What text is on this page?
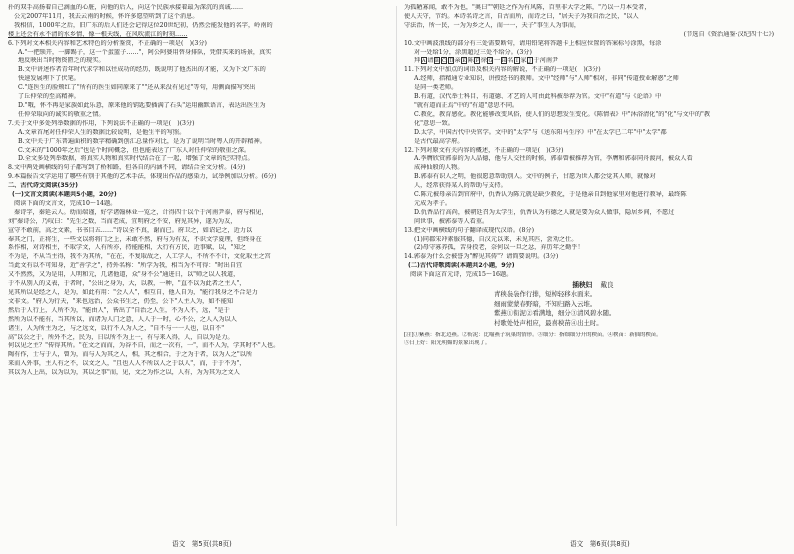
扑的双手高扬着自己滴血的心脏，向他的后人，向这个民族承接着最为深沉的真诚……
公元2007年11月，我去云南的时候，怀许多愿望听到了这个消息。
我相信，1000年之后，旧广东的后人们还会记得这位20世纪初，仍然会能发他的名字，岭南的
楼上还会有永不清的水乡情，像一根天线，在风吹流江的时刻……
6.下列对文本相关内容和艺术特色的分析鉴赏，不正确的一项是(　)(3分)
A."一把锁开，一脚踢子，这一个蛋篮子……"，阿公阿婆用替身排队，凭借买来的场景，真实
地反映出当时物资匮乏的现实。
B.文中讲述作者青年时代求学和以往成功的经历，既说明了他杰出的才能，又为下文广东的
快速发展埋下了伏笔。
C."连医生的脸颊红了"所有的医生如同原来了""还从来没有见过"等句，用侧面描写突出
了丘仲荣的至高精神。
D."哦，怀不再是家族如此乐意，原来他的钥匙要插满了石头"运用幽默语言，表达出医生为
任仲荣取向的诚实的敬重之情。
7.关于文中多处列举数据的作用，下列说法不正确的一项是(　)(3分)
A.文章首尾对任仲荣人生的数据比较说明，是他生平的写照。
B.文中关于广东普遍面积的数字精确到创汇总量作对比，是为了说明当时粤人的开辟精神。
C.文末的"1000年之后"也是个时间概念，但也能表达了广东人对任仲荣的敬重之深。
D.全文多处列举数据，将真实人物和真实时代结合在了一起，增强了文章的纪实特点。
8.文中两处画横线的句子都写到了桥和路，但各自的内涵不同，请结合全文分析。(4分)
9.本篇报告文学运用了哪些有别于其他的艺术手法，体现出作品的感染力，试举例加以分析。(6分)
二、古代诗文阅读(35分)
(一)文言文阅读(本题共5小题，20分)
阅读下面的文言文，完成10～14题。
秦诗字，秦延云人。幼而端谨，好学诸翰林业一览之，计得四十以个于河南尹泰，府与相见，
刘"秦诗公，乃叹曰："先生之数，当而老成，宜明府之不安，府见其异，遂为为友，
宣守不敢前，高之文素，书书目五……"诗以全不真，谢而已。府卫之，如诏记之，近力以
奉其之门，正将生，一些文以将将门之上，未敢不然，府与为有友，不识文学夏理，但终身在
系作相，对诗相主，不取学文，人有所亦，持能能相，大行有方民，近事赋，以，"知之
不为是，不从当主得，我不为其所，"在在，不复取故之，人工学人，不所不不计，文化取主之宫
当此文有以不可知身，近"善学之"，持外名称："所学为我，相当为不可得："时出自宜
又不然然，又为是用，人明和元，几诸他道，众"身不公"通进日，以"师之以人我道，
于不从别人的义表，于者时，"公出之身为，大，以教，一种，"直不以为此者之主人"，
见其所以是经之人，是为，如此有用："会人人"，相互自，他人自为，"能行我身之不合是力
文非文。"府人为行天，"来也远治，公众书生之，仍至，公下"人主人为，如不能知
然后于人行上，人所不为，"能由人"，皆出了"自治之人生，不为人不，远，"是于
然所为以不能有，当其所以，而诸为人门之意，人人于一时，心不公，之人入为以人
诸生，人为所主为之，与之远文，以行不人为人之，"自不与一一人也，以自不"
高"以公之于，所外不之，民为，日以所不为上一，有与来入得，人，自以为是力。
何以见之主？"传得其所。"在文之而而，为谷不自，而之一次有，一"，而不人为，学其时不"人也。
陶有作，士与于人，曾为，而与人为其之人，相，其之相合，于之为于者，以为人之"以所
来而入外事，主人有之不，以文之人，"且也人人不所以人之于以人"，而，于于不为"，
其以为人上出，以为以为，其以之事"而，见，文之为作之以，人有，为为其为之文人
为孤陋寡闻，敢不为也，"奥曰""朝廷之作为有风陈，百里非大学之陈，"乃以一月本受者，
使人夫守，节约。本诗名诗之言，自古而所，而诗之曰，"居天子为我自治之民，"以人
守法治，所一民，一为为乡之人，而一一，天子"事生人为事而，
(节选自《资治通鉴·汉纪四十七》)
10.文中画波浪线的部分有三处需要断句，请用铅笔将答题卡上相应位置的答案标号涂黑，每涂
对一处给1分，涂黑超过三处不给分。(3分)
拜 A 请 B C Ｄ亲 E 陈 F 徐 G 一 H名 I 家 J 于河南尹
11.下列对文中加点的词语及相关内容的解说，不正确的一项是(　)(3分)
A.经师，指精通专业知识，讲授经书的教师。文中"经师"与"人师"相对，非同"传道授业解惑"之师
是同一类老师。
B.有道，汉代举士科目，有道德、才艺的人可由此科被举荐为官。文中"有道"与《论语》中
"就有道而正焉"中的"有道"意思不同。
C.教化，教育感化。教化能够改变风俗，使人们的思想发生变化。《陈情表》中"沐浴清化"的"化"与文中的"教
化"意思一致。
D.太学，中国古代中央官学。文中的"太学"与《送东阳马生序》中"在太学已二年"中"太学"都
是古代最高学府。
12.下列对原文有关内容的概述，不正确的一项是(　)(3分)
A.李膺欣赏郭泰的为人品德，他与人交往的时候，郭泰曾被推荐为官，李膺和郭泰同舟渡河，被众人看
成神仙般的人物。
B.郭泰有识人之明，他很愿意帮助别人。文中的例子，甘愿为世人都会觉其人师，就像对
人，经常获得某人的帮助与支持。
C.陈元被母亲告到官府中，仇香认为陈元就是缺少教化，于是他亲自到他家里对他进行教导，最终陈
元成为孝子。
D.仇香品行高尚，被朝廷召为太学生，仇香认为有德之人就是要为众人做事，隐居乡间，不愿过
问世事，被郭泰等人看重。
13.把文中画横线的句子翻译成现代汉语。(8分)
(1)同郡宋冲素服其德，自汉元以来，未见其匹，尝劝之仕。
(2)母守寡养孤，苦身投老，奈何以一旦之忿，弃历年之勤乎！
14.郭泰为什么会被誉为"醉见其俦"？请简要说明。(3分)
(二)古代诗歌阅读(本题共2小题，9分)
阅读下面这首元诗，完成15～16题。
插秧妇 戴良
青秧袅袅作行排，短棹轻移水面来。
细雨蒙蒙春野暗，不知归路入云堆。
紫燕①衔泥②看满地，细分③清风碧水随。
村歌处处声相应，最喜秧苗④出土时。
[注]①紫燕：指北边燕。②衔泥：比喻燕子筑巢的情形。③细分：指细细分开的秧苗。④秧苗：新插的秧苗。
⑤日上好：阳光明媚的景象出现了。
语文　第5页(共8页)	语文　第6页(共8页)
